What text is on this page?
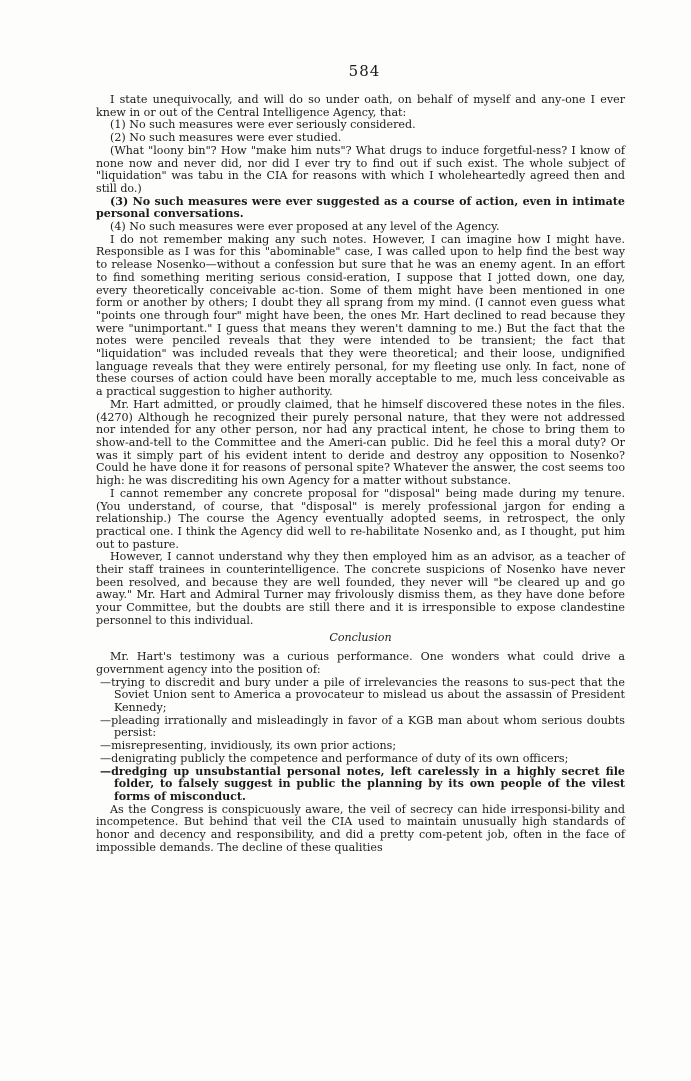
584

I state unequivocally, and will do so under oath, on behalf of myself and any-one I ever knew in or out of the Central Intelligence Agency, that:

(1) No such measures were ever seriously considered.

(2) No such measures were ever studied.

(What "loony bin"? How "make him nuts"? What drugs to induce forgetful-ness? I know of none now and never did, nor did I ever try to find out if such exist. The whole subject of "liquidation" was tabu in the CIA for reasons with which I wholeheartedly agreed then and still do.)

(3) No such measures were ever suggested as a course of action, even in intimate personal conversations.

(4) No such measures were ever proposed at any level of the Agency.

I do not remember making any such notes. However, I can imagine how I might have. Responsible as I was for this "abominable" case, I was called upon to help find the best way to release Nosenko—without a confession but sure that he was an enemy agent. In an effort to find something meriting serious consid-eration, I suppose that I jotted down, one day, every theoretically conceivable ac-tion. Some of them might have been mentioned in one form or another by others; I doubt they all sprang from my mind. (I cannot even guess what "points one through four" might have been, the ones Mr. Hart declined to read because they were "unimportant." I guess that means they weren't damning to me.) But the fact that the notes were penciled reveals that they were intended to be transient; the fact that "liquidation" was included reveals that they were theoretical; and their loose, undignified language reveals that they were entirely personal, for my fleeting use only. In fact, none of these courses of action could have been morally acceptable to me, much less conceivable as a practical suggestion to higher authority.

Mr. Hart admitted, or proudly claimed, that he himself discovered these notes in the files. (4270) Although he recognized their purely personal nature, that they were not addressed nor intended for any other person, nor had any practical intent, he chose to bring them to show-and-tell to the Committee and the Ameri-can public. Did he feel this a moral duty? Or was it simply part of his evident intent to deride and destroy any opposition to Nosenko? Could he have done it for reasons of personal spite? Whatever the answer, the cost seems too high: he was discrediting his own Agency for a matter without substance.

I cannot remember any concrete proposal for "disposal" being made during my tenure. (You understand, of course, that "disposal" is merely professional jargon for ending a relationship.) The course the Agency eventually adopted seems, in retrospect, the only practical one. I think the Agency did well to re-habilitate Nosenko and, as I thought, put him out to pasture.

However, I cannot understand why they then employed him as an advisor, as a teacher of their staff trainees in counterintelligence. The concrete suspicions of Nosenko have never been resolved, and because they are well founded, they never will "be cleared up and go away." Mr. Hart and Admiral Turner may frivolously dismiss them, as they have done before your Committee, but the doubts are still there and it is irresponsible to expose clandestine personnel to this individual.

Conclusion

Mr. Hart's testimony was a curious performance. One wonders what could drive a government agency into the position of:

—trying to discredit and bury under a pile of irrelevancies the reasons to sus-pect that the Soviet Union sent to America a provocateur to mislead us about the assassin of President Kennedy;
—pleading irrationally and misleadingly in favor of a KGB man about whom serious doubts persist:
—misrepresenting, invidiously, its own prior actions;
—denigrating publicly the competence and performance of duty of its own officers;
—dredging up unsubstantial personal notes, left carelessly in a highly secret file folder, to falsely suggest in public the planning by its own people of the vilest forms of misconduct.

As the Congress is conspicuously aware, the veil of secrecy can hide irresponsi-bility and incompetence. But behind that veil the CIA used to maintain unusually high standards of honor and decency and responsibility, and did a pretty com-petent job, often in the face of impossible demands. The decline of these qualities
